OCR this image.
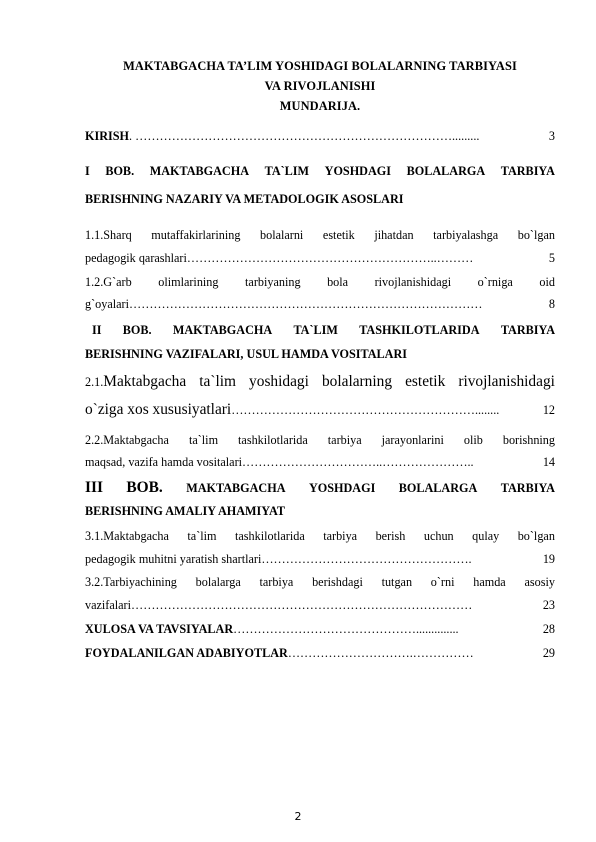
MAKTABGACHA TA’LIM YOSHIDAGI BOLALARNING TARBIYASI
VA RIVOJLANISHI
MUNDARIJA.
KIRISH . …………………………………………………………………….........	3
I BOB. MAKTABGACHA TA`LIM YOSHDAGI BOLALARGA TARBIYA
BERISHNING NAZARIY VA METADOLOGIK ASOSLARI
1.1.Sharq mutaffakirlarining bolalarni estetik jihatdan tarbiyalashga bo`lgan
pedagogik qarashlari ……………………………………………………..………	5
1.2.G`arb olimlarining tarbiyaning bola rivojlanishidagi o`rniga oid
g`oyalari ……………………………………………………………………………	8
II BOB. MAKTABGACHA TA`LIM TASHKILOTLARIDA TARBIYA
BERISHNING VAZIFALARI, USUL HAMDA VOSITALARI
2.1.Maktabgacha ta`lim yoshidagi bolalarning estetik rivojlanishidagi
o`ziga xos xususiyatlari ……………………………………………………........	12
2.2.Maktabgacha ta`lim tashkilotlarida tarbiya jarayonlarini olib borishning
maqsad, vazifa hamda vositalari ……………………………..…………………..	14
III BOB. MAKTABGACHA YOSHDAGI BOLALARGA TARBIYA
BERISHNING AMALIY AHAMIYAT
3.1.Maktabgacha ta`lim tashkilotlarida tarbiya berish uchun qulay bo`lgan
pedagogik muhitni yaratish shartlari …………………………………………….	19
3.2.Tarbiyachining bolalarga tarbiya berishdagi tutgan o`rni hamda asosiy
vazifalari …………………………………………………………………………	23
XULOSA VA TAVSIYALAR ………………………………………..............	28
FOYDALANILGAN ADABIYOTLAR ………………………….……………	29
2
